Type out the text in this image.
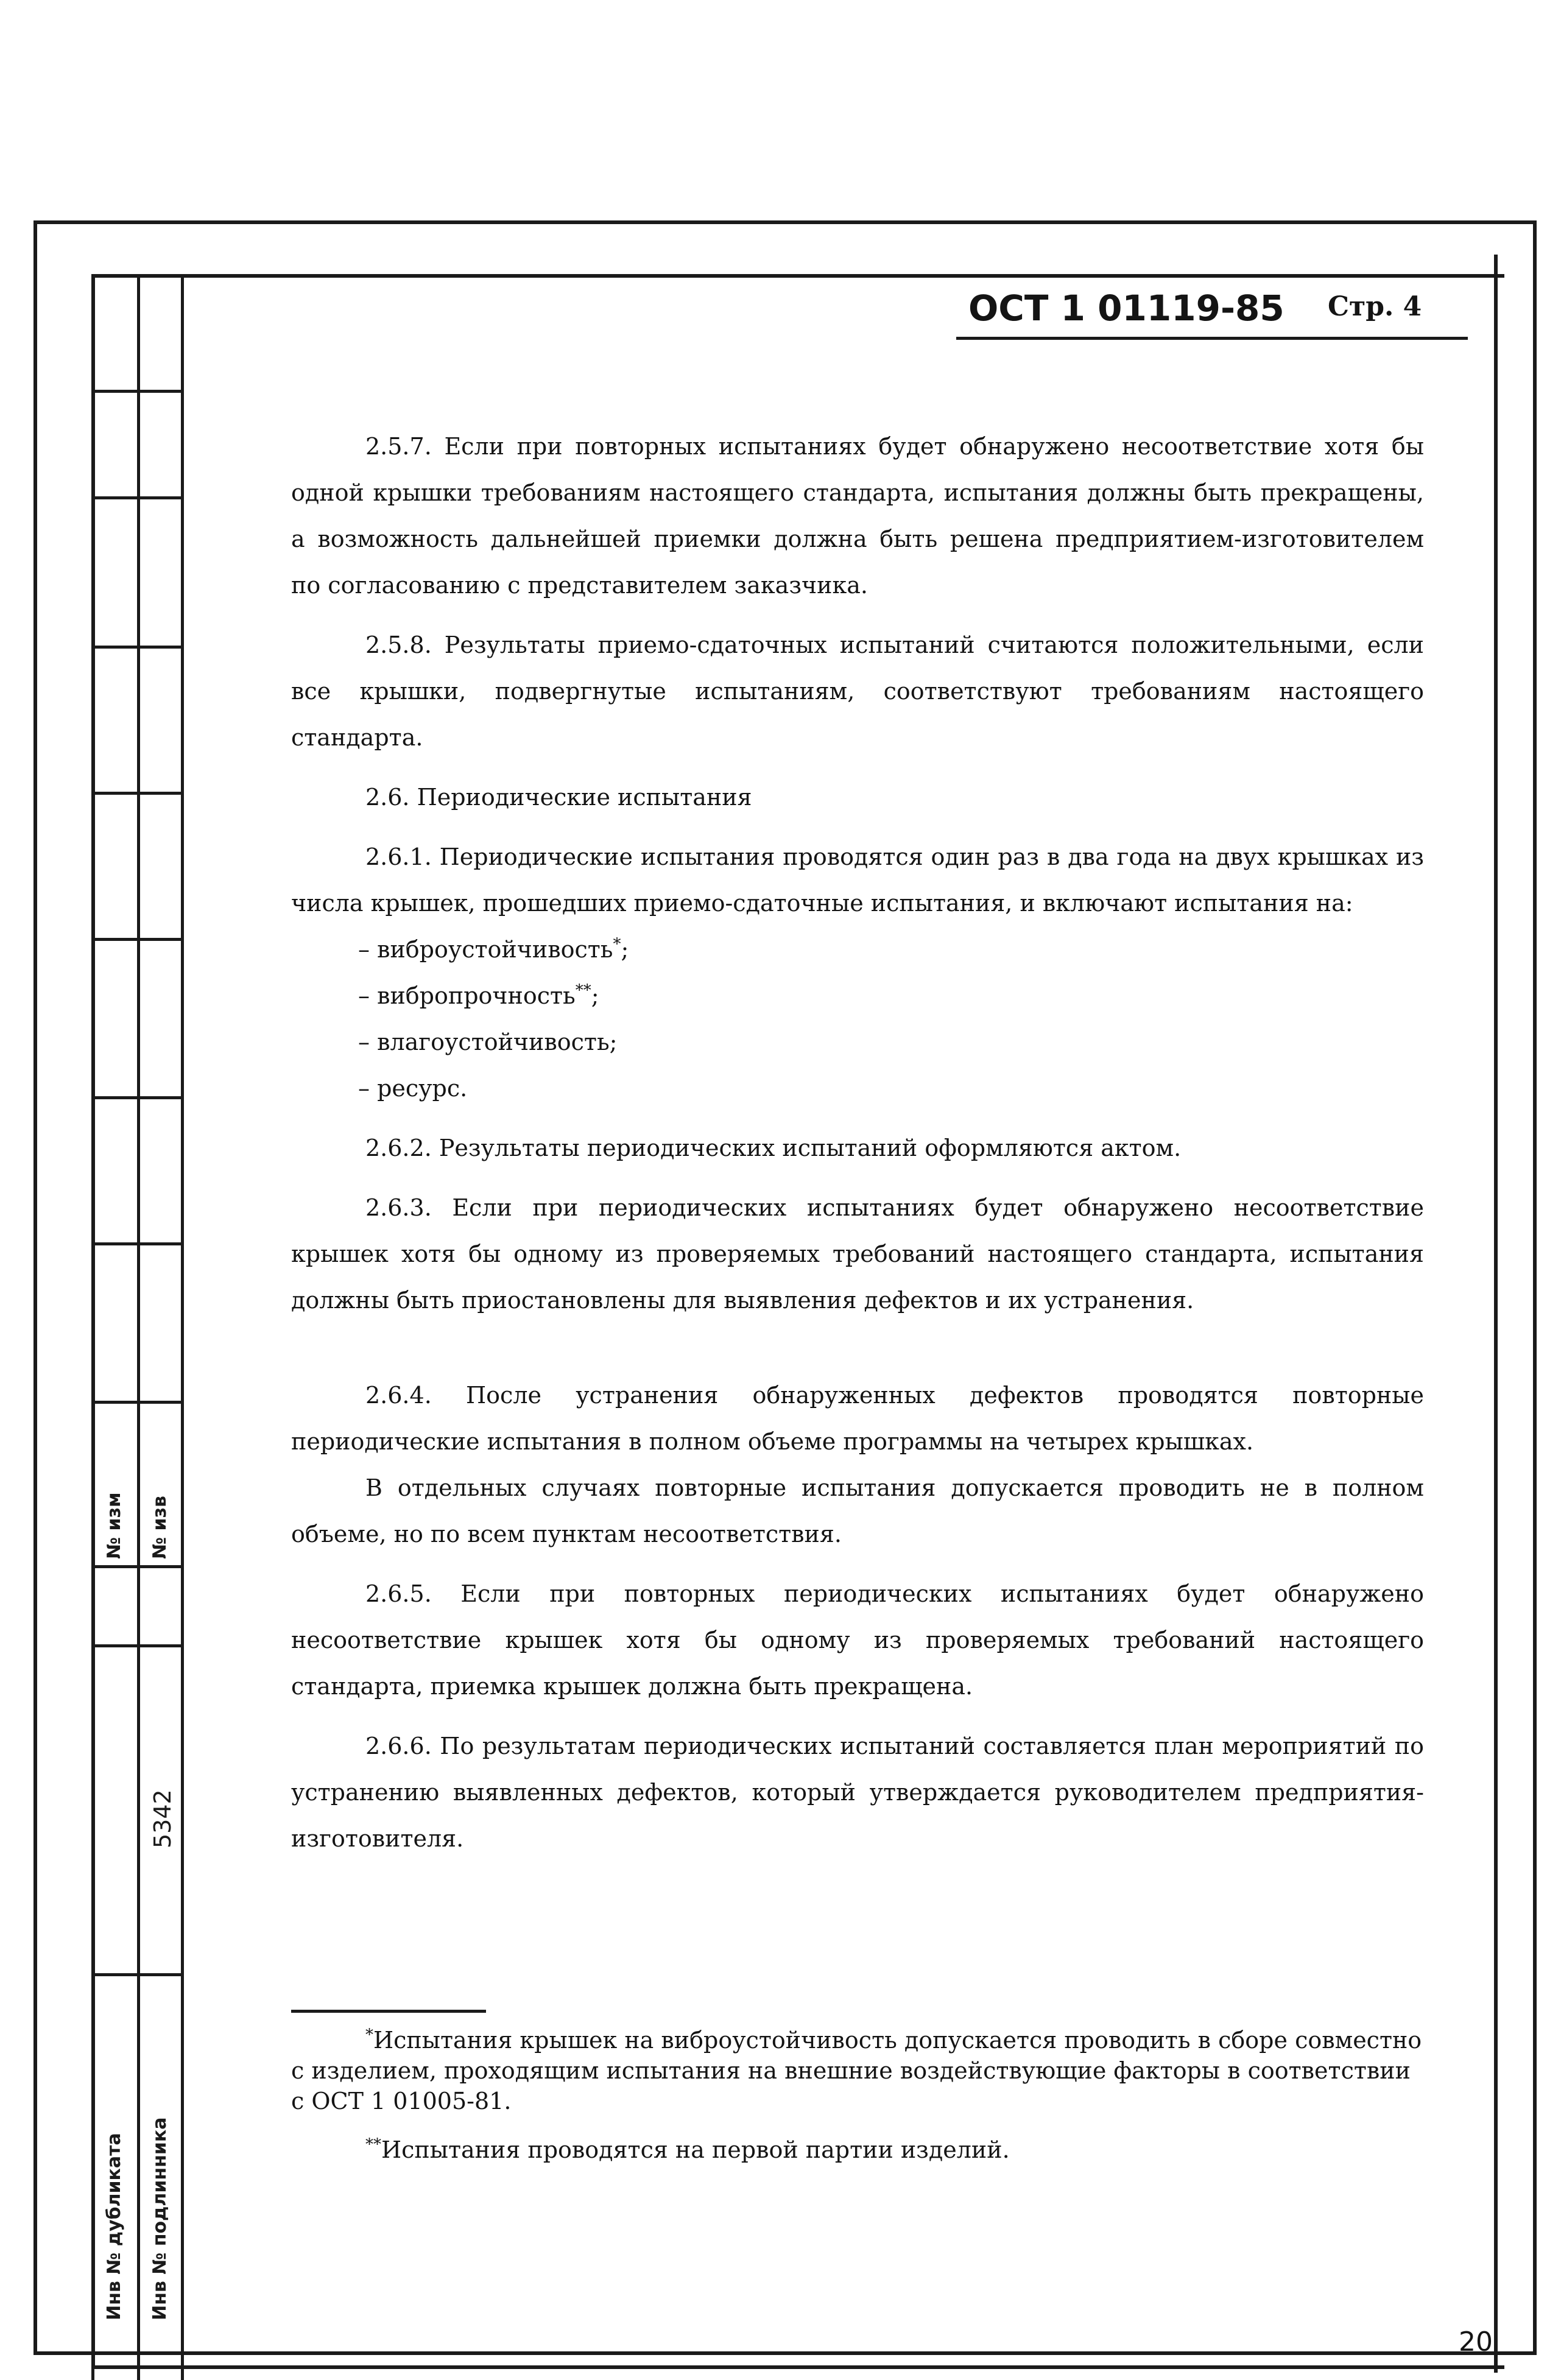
№ изм № изв
5342
Инв № дубликата Инв № подлинника
ОСТ 1 01119-85 Стр. 4

2.5.7. Если при повторных испытаниях будет обнаружено несоответствие хотя бы одной крышки требованиям настоящего стандарта, испытания должны быть прекращены, а возможность дальнейшей приемки должна быть решена предприятием-изготовителем по согласованию с представителем заказчика.

2.5.8. Результаты приемо-сдаточных испытаний считаются положительными, если все крышки, подвергнутые испытаниям, соответствуют требованиям настоящего стандарта.

2.6. Периодические испытания

2.6.1. Периодические испытания проводятся один раз в два года на двух крышках из числа крышек, прошедших приемо-сдаточные испытания, и включают испытания на:

– виброустойчивость*;

– вибропрочность**;

– влагоустойчивость;

– ресурс.

2.6.2. Результаты периодических испытаний оформляются актом.

2.6.3. Если при периодических испытаниях будет обнаружено несоответствие крышек хотя бы одному из проверяемых требований настоящего стандарта, испытания должны быть приостановлены для выявления дефектов и их устранения.

2.6.4. После устранения обнаруженных дефектов проводятся повторные периодические испытания в полном объеме программы на четырех крышках.

В отдельных случаях повторные испытания допускается проводить не в полном объеме, но по всем пунктам несоответствия.

2.6.5. Если при повторных периодических испытаниях будет обнаружено несоответствие крышек хотя бы одному из проверяемых требований настоящего стандарта, приемка крышек должна быть прекращена.

2.6.6. По результатам периодических испытаний составляется план мероприятий по устранению выявленных дефектов, который утверждается руководителем предприятия-изготовителя.

*Испытания крышек на виброустойчивость допускается проводить в сборе совместно с изделием, проходящим испытания на внешние воздействующие факторы в соответствии с ОСТ 1 01005-81.

**Испытания проводятся на первой партии изделий.

20
